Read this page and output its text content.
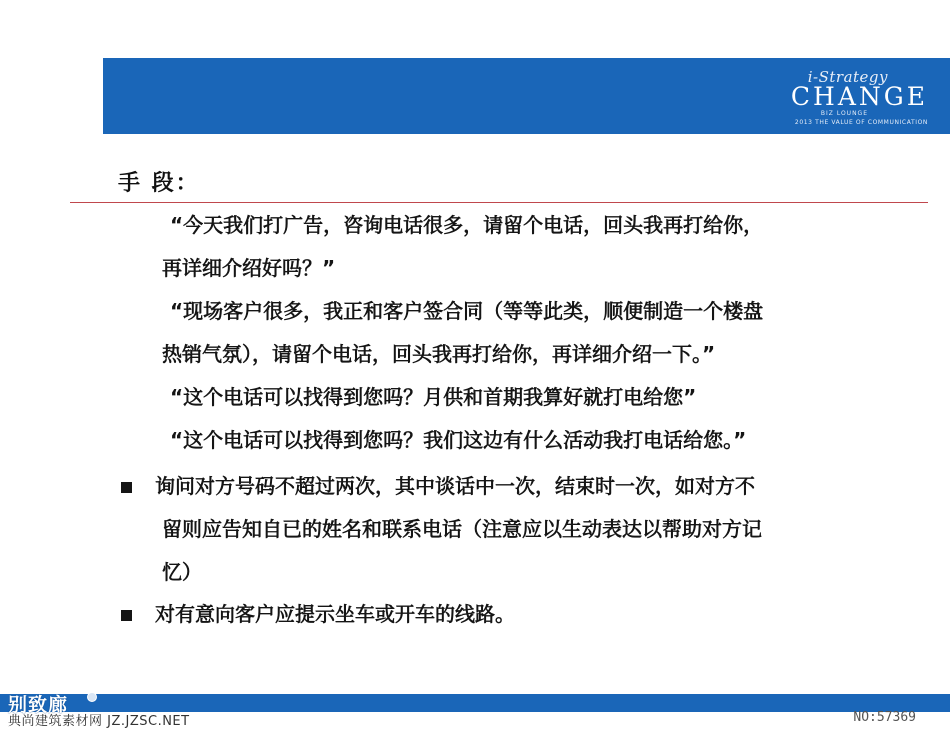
i-Strategy
CHANGE
BIZ LOUNGE
2013 THE VALUE OF COMMUNICATION
手 段：
“今天我们打广告，咨询电话很多，请留个电话，回头我再打给你，
再详细介绍好吗？”
“现场客户很多，我正和客户签合同（等等此类，顺便制造一个楼盘
热销气氛），请留个电话，回头我再打给你，再详细介绍一下。”
“这个电话可以找得到您吗？月供和首期我算好就打电给您”
“这个电话可以找得到您吗？我们这边有什么活动我打电话给您。”
询问对方号码不超过两次，其中谈话中一次，结束时一次，如对方不
留则应告知自已的姓名和联系电话（注意应以生动表达以帮助对方记
忆）
对有意向客户应提示坐车或开车的线路。
别致廊
典尚建筑素材网 JZ.JZSC.NET	NO:57369
